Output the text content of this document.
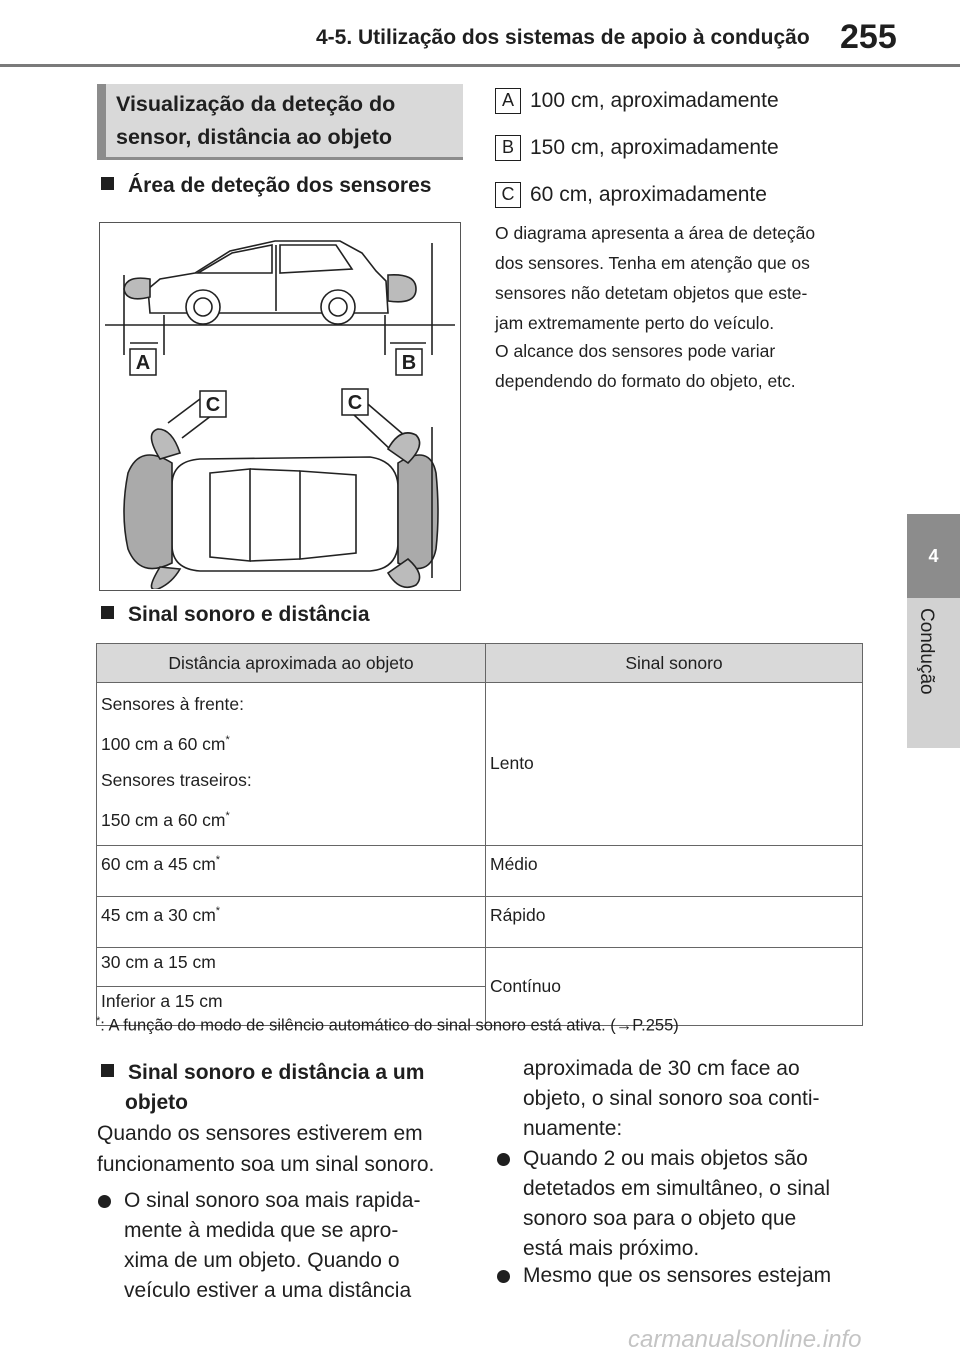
4-5. Utilização dos sistemas de apoio à condução 255
4
Condução
Visualização da deteção do
sensor, distância ao objeto
Área de deteção dos sensores
A	B
C	C
A 100 cm, aproximadamente
B 150 cm, aproximadamente
C 60 cm, aproximadamente
O diagrama apresenta a área de deteção
dos sensores. Tenha em atenção que os
sensores não detetam objetos que este-
jam extremamente perto do veículo.
O alcance dos sensores pode variar
dependendo do formato do objeto, etc.
Sinal sonoro e distância
Distância aproximada ao objeto	Sinal sonoro

Sensores à frente:
100 cm a 60 cm*
Sensores traseiros:
150 cm a 60 cm*	Lento
60 cm a 45 cm*	Médio
45 cm a 30 cm*	Rápido
30 cm a 15 cm	Contínuo
Inferior a 15 cm	
*: A função do modo de silêncio automático do sinal sonoro está ativa. (→P.255)
Sinal sonoro e distância a um
objeto
Quando os sensores estiverem em
funcionamento soa um sinal sonoro.
O sinal sonoro soa mais rapida-
mente à medida que se apro-
xima de um objeto. Quando o
veículo estiver a uma distância
aproximada de 30 cm face ao
objeto, o sinal sonoro soa conti-
nuamente:
Quando 2 ou mais objetos são
detetados em simultâneo, o sinal
sonoro soa para o objeto que
está mais próximo.
Mesmo que os sensores estejam
carmanualsonline.info
